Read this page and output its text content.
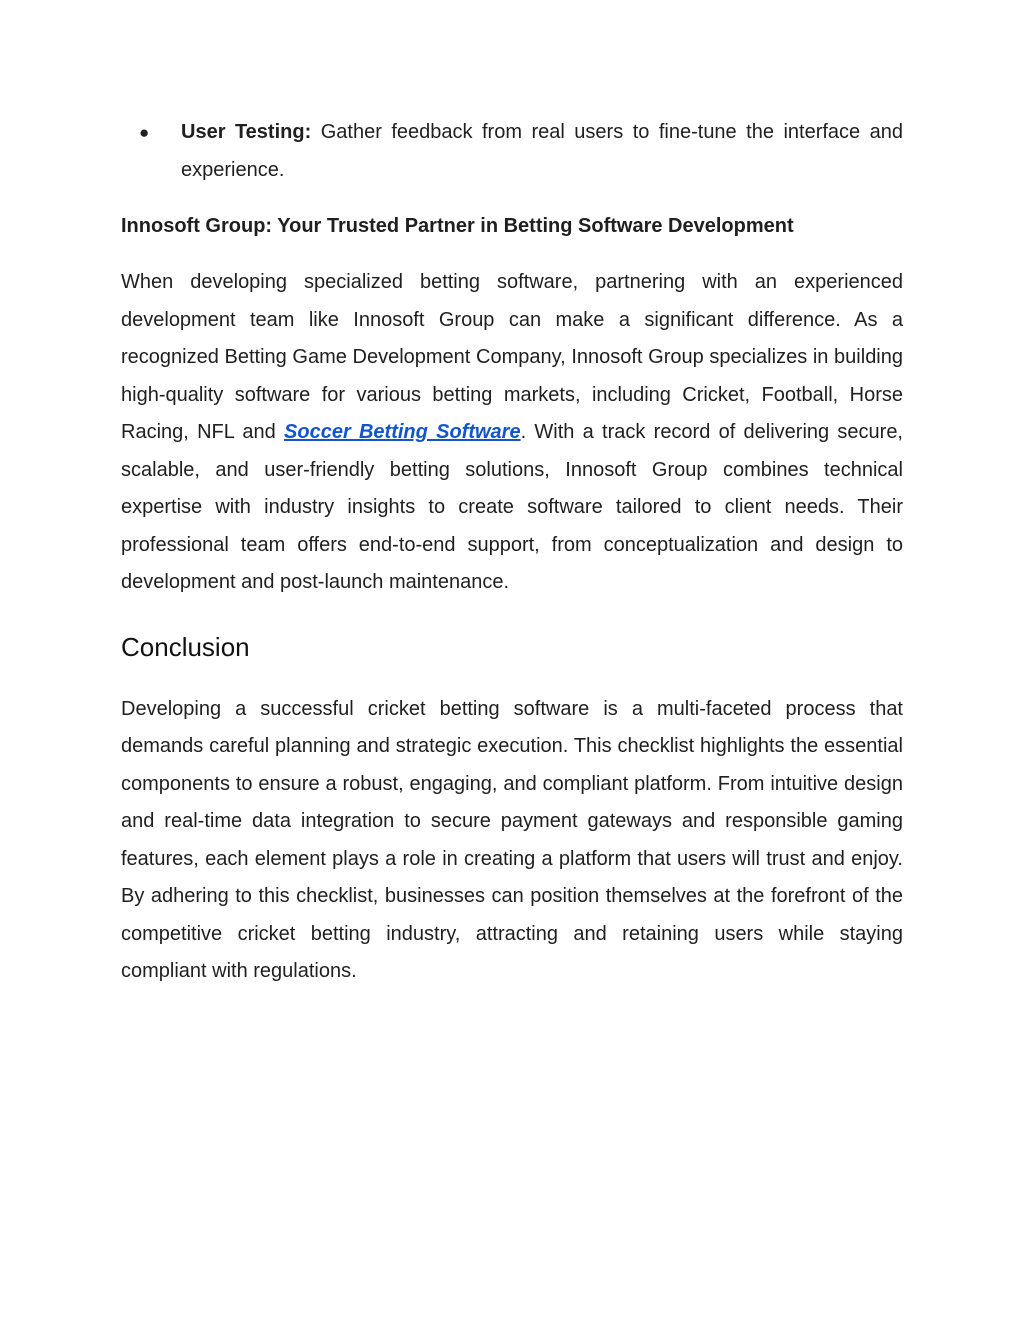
● User Testing: Gather feedback from real users to fine-tune the interface and experience.
Innosoft Group: Your Trusted Partner in Betting Software Development

When developing specialized betting software, partnering with an experienced development team like Innosoft Group can make a significant difference. As a recognized Betting Game Development Company, Innosoft Group specializes in building high-quality software for various betting markets, including Cricket, Football, Horse Racing, NFL and Soccer Betting Software. With a track record of delivering secure, scalable, and user-friendly betting solutions, Innosoft Group combines technical expertise with industry insights to create software tailored to client needs. Their professional team offers end-to-end support, from conceptualization and design to development and post-launch maintenance.

Conclusion

Developing a successful cricket betting software is a multi-faceted process that demands careful planning and strategic execution. This checklist highlights the essential components to ensure a robust, engaging, and compliant platform. From intuitive design and real-time data integration to secure payment gateways and responsible gaming features, each element plays a role in creating a platform that users will trust and enjoy. By adhering to this checklist, businesses can position themselves at the forefront of the competitive cricket betting industry, attracting and retaining users while staying compliant with regulations.
